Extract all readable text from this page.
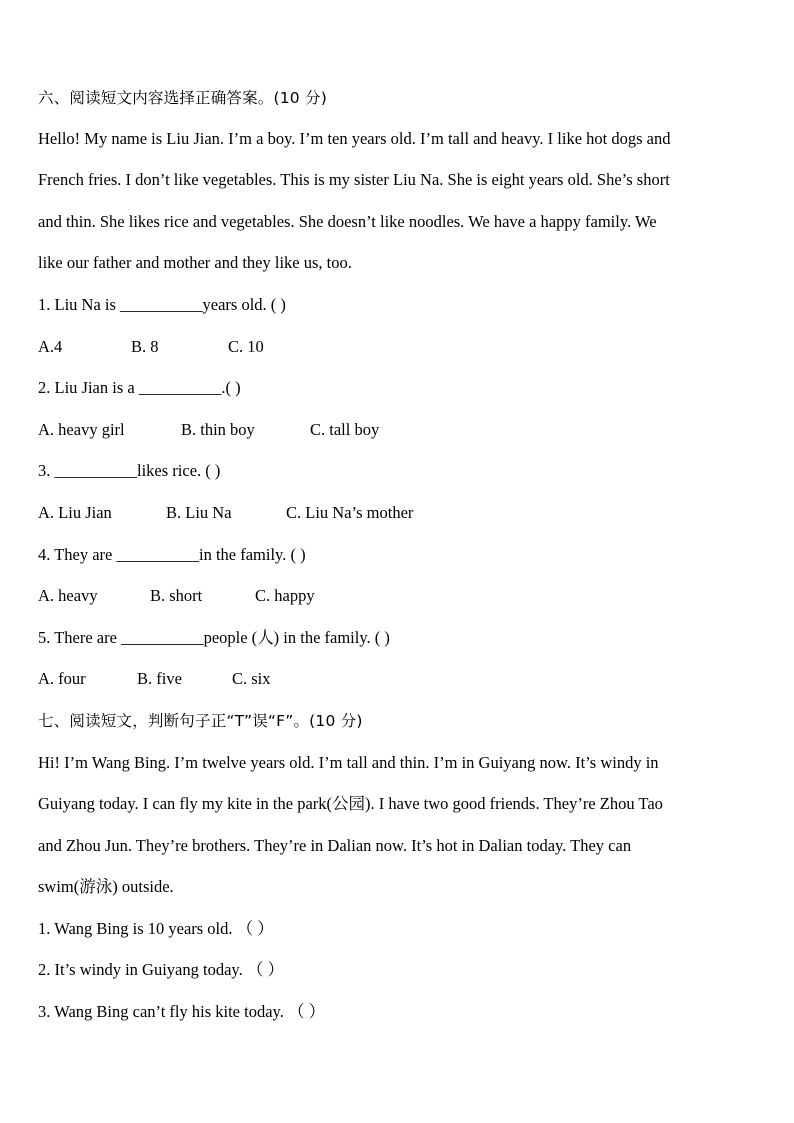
六、阅读短文内容选择正确答案。(10 分)
Hello! My name is Liu Jian. I’m a boy. I’m ten years old. I’m tall and heavy. I like hot dogs and
French fries. I don’t like vegetables. This is my sister Liu Na. She is eight years old. She’s short
and thin. She likes rice and vegetables. She doesn’t like noodles. We have a happy family. We
like our father and mother and they like us, too.
1. Liu Na is __________years old. ( )
A.4	B. 8	C. 10
2. Liu Jian is a __________.( )
A. heavy girl	B. thin boy	C. tall boy
3. __________likes rice. ( )
A. Liu Jian	B. Liu Na	C. Liu Na’s mother
4. They are __________in the family. ( )
A. heavy	B. short	C. happy
5. There are __________people (人) in the family. ( )
A. four	B. five	C. six
七、阅读短文，判断句子正“T”误“F”。(10 分)
Hi! I’m Wang Bing. I’m twelve years old. I’m tall and thin. I’m in Guiyang now. It’s windy in
Guiyang today. I can fly my kite in the park(公园). I have two good friends. They’re Zhou Tao
and Zhou Jun. They’re brothers. They’re in Dalian now. It’s hot in Dalian today. They can
swim(游泳) outside.
1. Wang Bing is 10 years old. （ ）
2. It’s windy in Guiyang today. （ ）
3. Wang Bing can’t fly his kite today. （ ）
